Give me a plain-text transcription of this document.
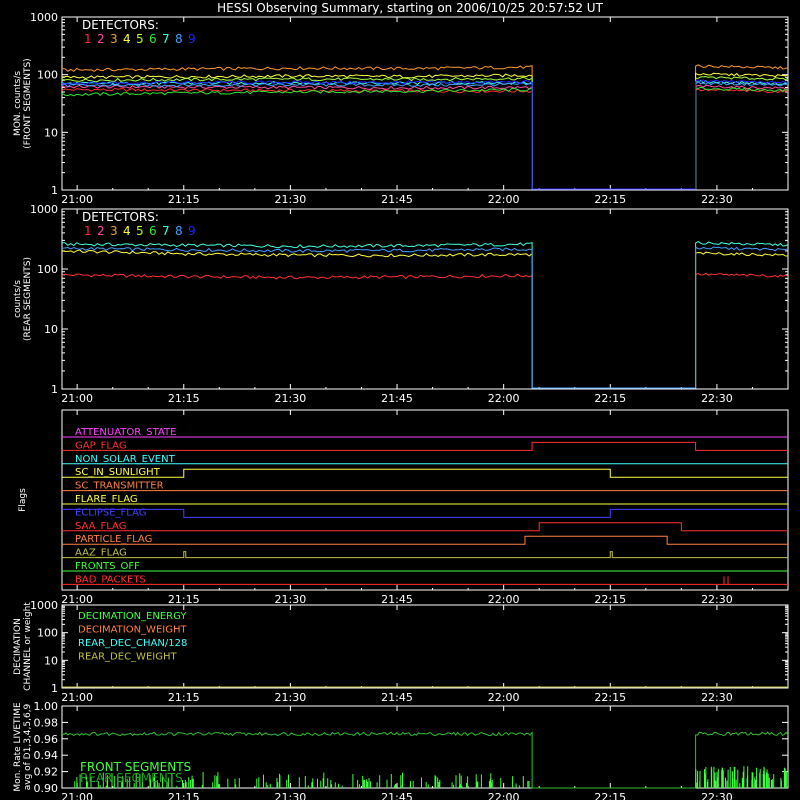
HESSI Observing Summary, starting on 2006/10/25 20:57:52 UT
21:00	21:15	21:30	21:45	22:00	22:15	22:30
MON. counts/s (FRONT SEGMENTS)
21:00	21:15	21:30	21:45	22:00	22:15	22:30
counts/s (REAR SEGMENTS)
21:00	21:15	21:30	21:45	22:00	22:15	22:30
Flags
21:00	21:15	21:30	21:45	22:00	22:15	22:30
DECIMATION CHANNEL or weight
21:00	21:15	21:30	21:45	22:00	22:15	22:30
Mon. Rate LIVETIME avg of D1,3,4,5,6,9
1
10
100
1000
1
10
100
1000
1
10
100
1000
DETECTORS:
1 2 3 4 5 6 7 8 9
DETECTORS:
1 2 3 4 5 6 7 8 9
ATTENUATOR_STATE
GAP_FLAG
NON_SOLAR_EVENT
SC_IN_SUNLIGHT
SC_TRANSMITTER
FLARE_FLAG
ECLIPSE_FLAG
SAA_FLAG
PARTICLE_FLAG
AAZ_FLAG
FRONTS_OFF
BAD_PACKETS
DECIMATION_ENERGY
DECIMATION_WEIGHT
REAR_DEC_CHAN/128
REAR_DEC_WEIGHT
0.90
0.92
0.94
0.96
0.98
1.00
FRONT SEGMENTS
REAR SEGMENTS
